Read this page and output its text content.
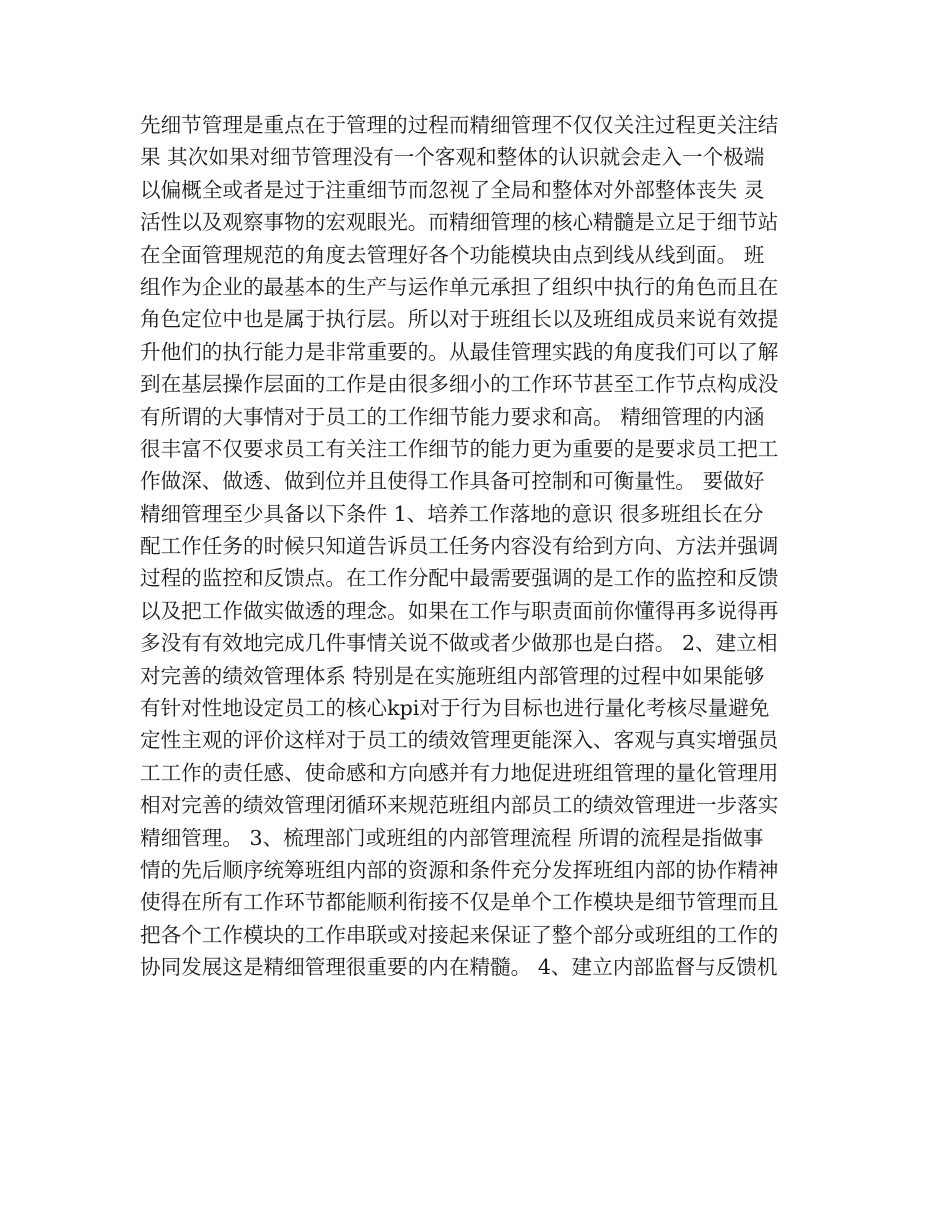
先细节管理是重点在于管理的过程而精细管理不仅仅关注过程更关注结
果 其次如果对细节管理没有一个客观和整体的认识就会走入一个极端
以偏概全或者是过于注重细节而忽视了全局和整体对外部整体丧失 灵
活性以及观察事物的宏观眼光。而精细管理的核心精髓是立足于细节站
在全面管理规范的角度去管理好各个功能模块由点到线从线到面。 班
组作为企业的最基本的生产与运作单元承担了组织中执行的角色而且在
角色定位中也是属于执行层。所以对于班组长以及班组成员来说有效提
升他们的执行能力是非常重要的。从最佳管理实践的角度我们可以了解
到在基层操作层面的工作是由很多细小的工作环节甚至工作节点构成没
有所谓的大事情对于员工的工作细节能力要求和高。 精细管理的内涵
很丰富不仅要求员工有关注工作细节的能力更为重要的是要求员工把工
作做深、做透、做到位并且使得工作具备可控制和可衡量性。 要做好
精细管理至少具备以下条件 1、培养工作落地的意识 很多班组长在分
配工作任务的时候只知道告诉员工任务内容没有给到方向、方法并强调
过程的监控和反馈点。在工作分配中最需要强调的是工作的监控和反馈
以及把工作做实做透的理念。如果在工作与职责面前你懂得再多说得再
多没有有效地完成几件事情关说不做或者少做那也是白搭。 2、建立相
对完善的绩效管理体系 特别是在实施班组内部管理的过程中如果能够
有针对性地设定员工的核心kpi对于行为目标也进行量化考核尽量避免
定性主观的评价这样对于员工的绩效管理更能深入、客观与真实增强员
工工作的责任感、使命感和方向感并有力地促进班组管理的量化管理用
相对完善的绩效管理闭循环来规范班组内部员工的绩效管理进一步落实
精细管理。 3、梳理部门或班组的内部管理流程 所谓的流程是指做事
情的先后顺序统筹班组内部的资源和条件充分发挥班组内部的协作精神
使得在所有工作环节都能顺利衔接不仅是单个工作模块是细节管理而且
把各个工作模块的工作串联或对接起来保证了整个部分或班组的工作的
协同发展这是精细管理很重要的内在精髓。 4、建立内部监督与反馈机
